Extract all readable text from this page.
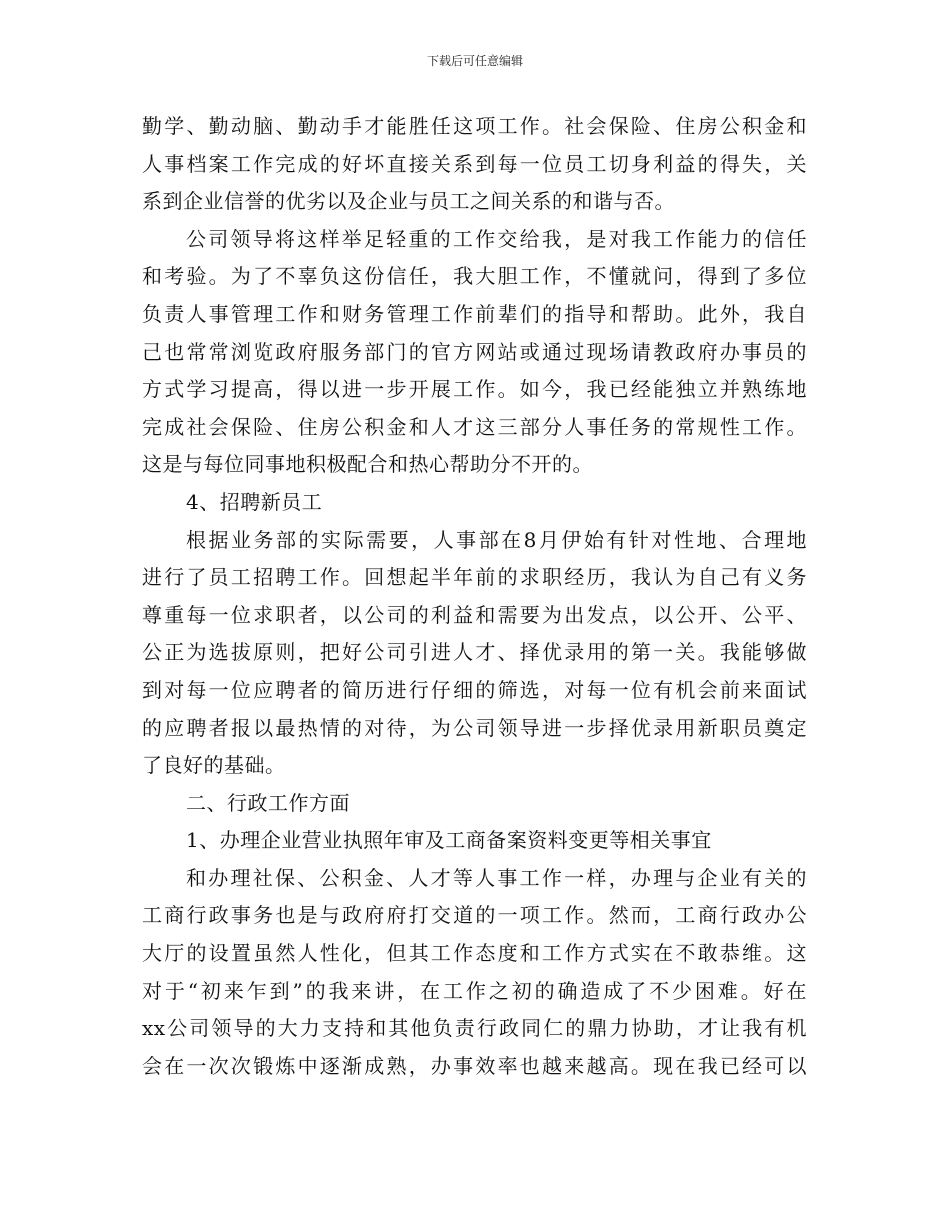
下载后可任意编辑
勤学、勤动脑、勤动手才能胜任这项工作。社会保险、住房公积金和
人事档案工作完成的好坏直接关系到每一位员工切身利益的得失，关
系到企业信誉的优劣以及企业与员工之间关系的和谐与否。
公司领导将这样举足轻重的工作交给我，是对我工作能力的信任
和考验。为了不辜负这份信任，我大胆工作，不懂就问，得到了多位
负责人事管理工作和财务管理工作前辈们的指导和帮助。此外，我自
己也常常浏览政府服务部门的官方网站或通过现场请教政府办事员的
方式学习提高，得以进一步开展工作。如今，我已经能独立并熟练地
完成社会保险、住房公积金和人才这三部分人事任务的常规性工作。
这是与每位同事地积极配合和热心帮助分不开的。
4、招聘新员工
根据业务部的实际需要，人事部在8月伊始有针对性地、合理地
进行了员工招聘工作。回想起半年前的求职经历，我认为自己有义务
尊重每一位求职者，以公司的利益和需要为出发点，以公开、公平、
公正为选拔原则，把好公司引进人才、择优录用的第一关。我能够做
到对每一位应聘者的简历进行仔细的筛选，对每一位有机会前来面试
的应聘者报以最热情的对待，为公司领导进一步择优录用新职员奠定
了良好的基础。
二、行政工作方面
1、办理企业营业执照年审及工商备案资料变更等相关事宜
和办理社保、公积金、人才等人事工作一样，办理与企业有关的
工商行政事务也是与政府府打交道的一项工作。然而，工商行政办公
大厅的设置虽然人性化，但其工作态度和工作方式实在不敢恭维。这
对于“初来乍到”的我来讲，在工作之初的确造成了不少困难。好在
xx公司领导的大力支持和其他负责行政同仁的鼎力协助，才让我有机
会在一次次锻炼中逐渐成熟，办事效率也越来越高。现在我已经可以
